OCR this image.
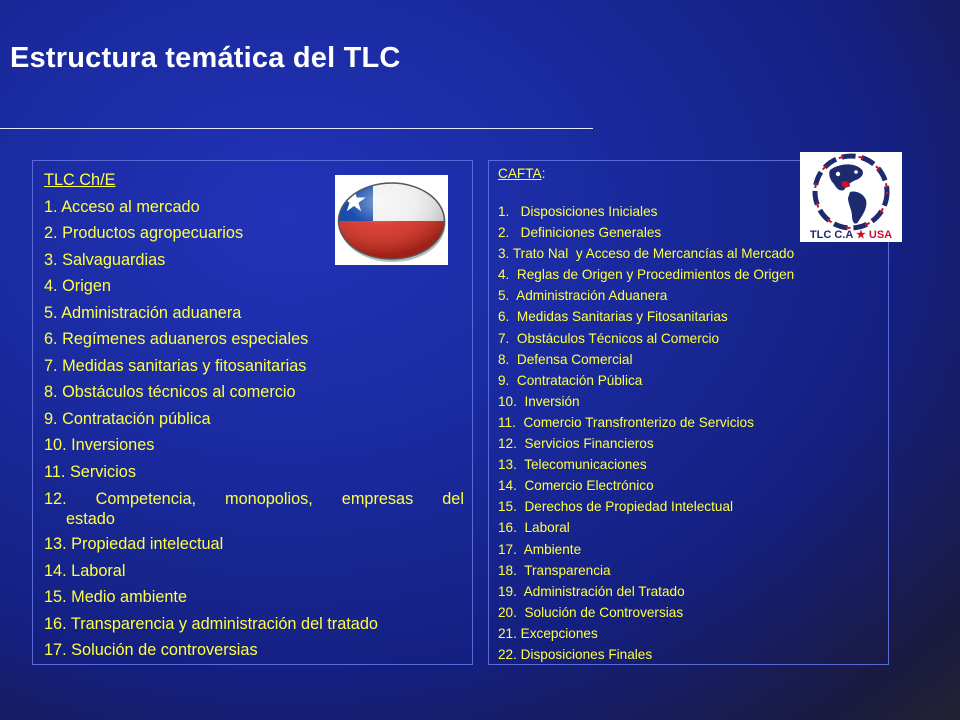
Estructura temática del TLC
TLC Ch/E
1. Acceso al mercado
2. Productos agropecuarios
3. Salvaguardias
4. Origen
5. Administración aduanera
6. Regímenes aduaneros especiales
7. Medidas sanitarias y fitosanitarias
8. Obstáculos técnicos al comercio
9. Contratación pública
10. Inversiones
11. Servicios
12. Competencia, monopolios, empresas del
estado
13. Propiedad intelectual
14. Laboral
15. Medio ambiente
16. Transparencia y administración del tratado
17. Solución de controversias
CAFTA:
1.   Disposiciones Iniciales
2.   Definiciones Generales
3. Trato Nal  y Acceso de Mercancías al Mercado
4.  Reglas de Origen y Procedimientos de Origen
5.  Administración Aduanera
6.  Medidas Sanitarias y Fitosanitarias
7.  Obstáculos Técnicos al Comercio
8.  Defensa Comercial
9.  Contratación Pública
10.  Inversión
11.  Comercio Transfronterizo de Servicios
12.  Servicios Financieros
13.  Telecomunicaciones
14.  Comercio Electrónico
15.  Derechos de Propiedad Intelectual
16.  Laboral
17.  Ambiente
18.  Transparencia
19.  Administración del Tratado
20.  Solución de Controversias
21. Excepciones
22. Disposiciones Finales
TLC C.A ★ USA
